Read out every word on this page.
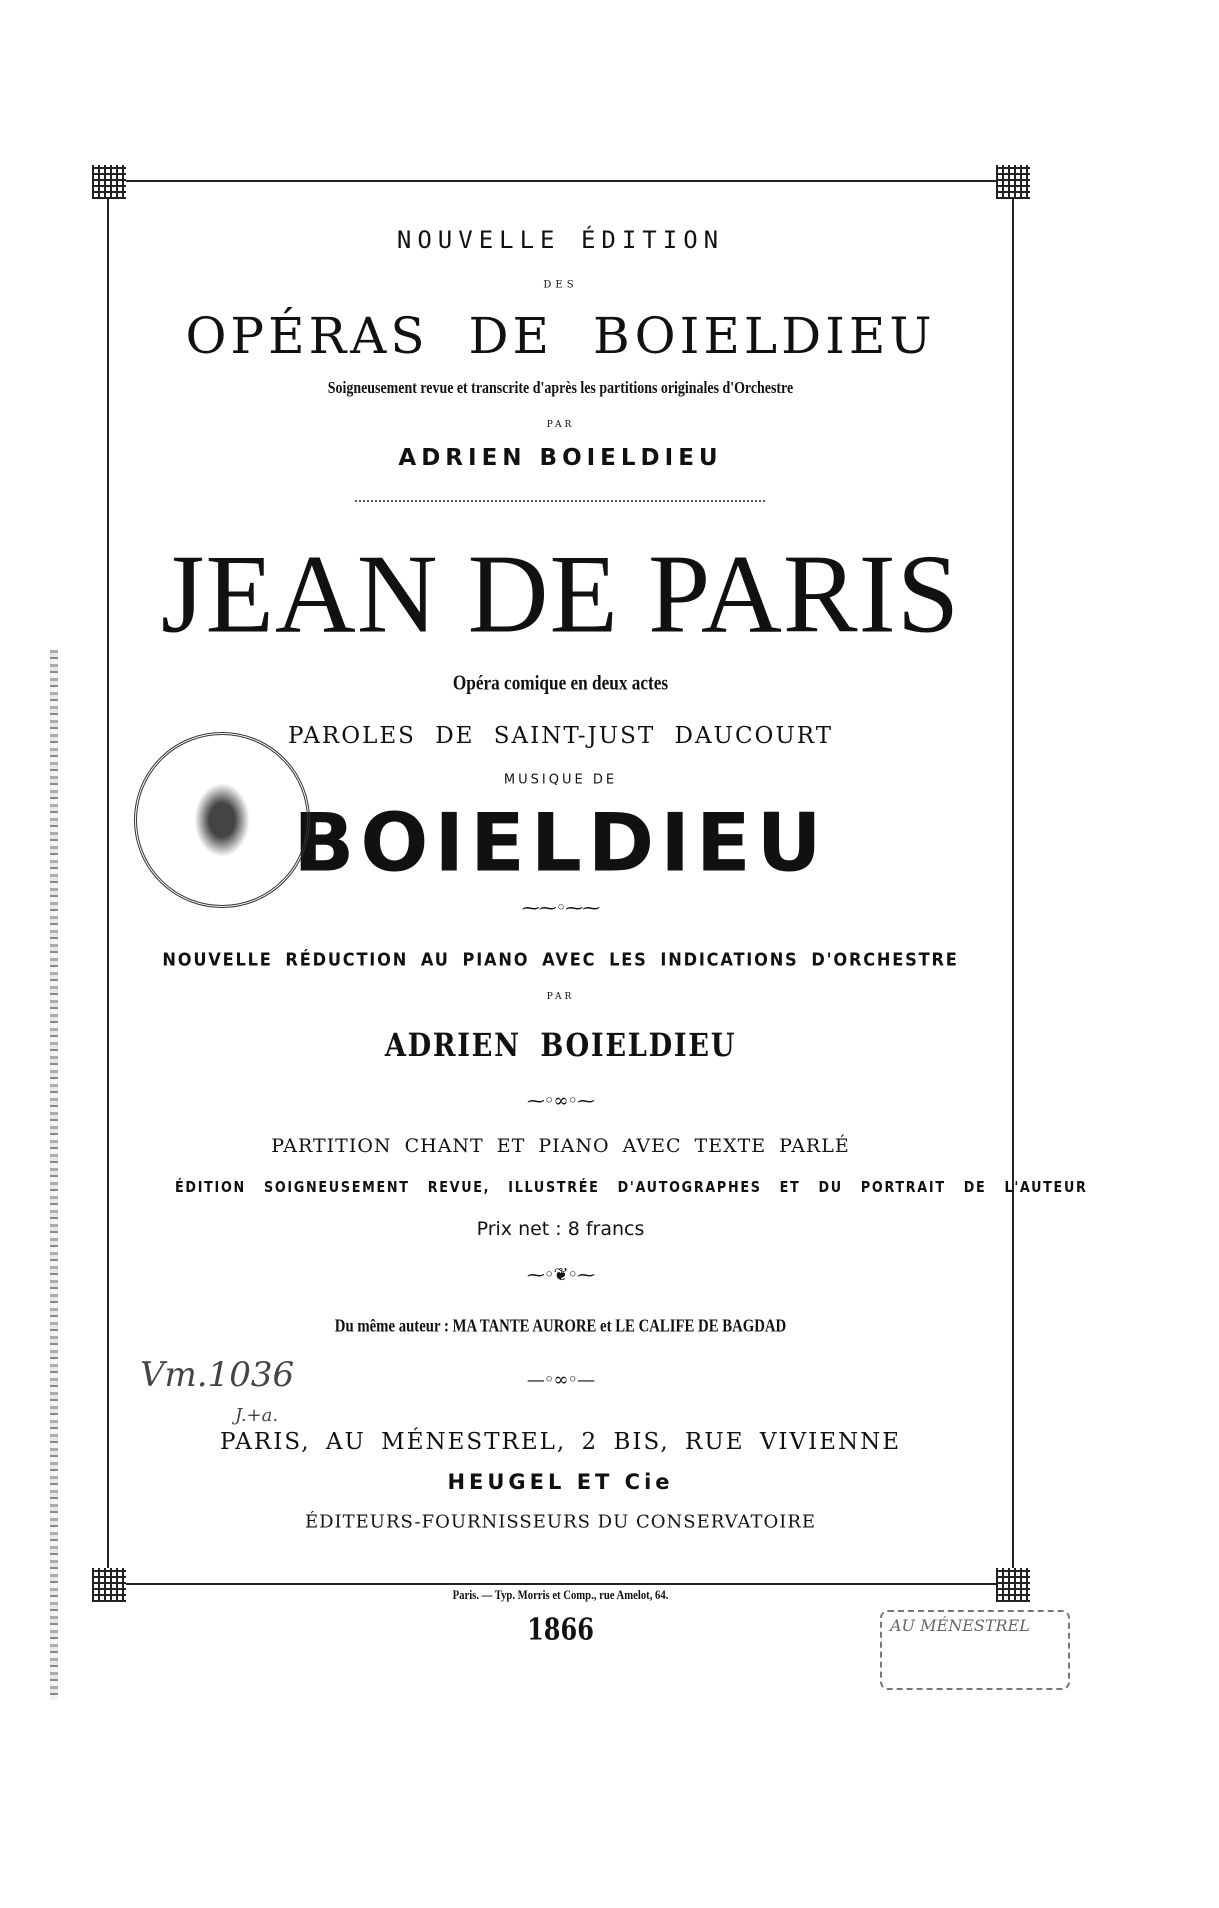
NOUVELLE ÉDITION
DES
OPÉRAS DE BOIELDIEU
Soigneusement revue et transcrite d'après les partitions originales d'Orchestre
PAR
ADRIEN BOIELDIEU
JEAN DE PARIS
Opéra comique en deux actes
PAROLES DE SAINT-JUST DAUCOURT
MUSIQUE DE
BOIELDIEU
⁓⁓◦⁓⁓
NOUVELLE RÉDUCTION AU PIANO AVEC LES INDICATIONS D'ORCHESTRE
PAR
ADRIEN BOIELDIEU
⁓◦∞◦⁓
PARTITION CHANT ET PIANO AVEC TEXTE PARLÉ
ÉDITION SOIGNEUSEMENT REVUE, ILLUSTRÉE D'AUTOGRAPHES ET DU PORTRAIT DE L'AUTEUR
Prix net : 8 francs
⁓◦❦◦⁓
Du même auteur : MA TANTE AURORE et LE CALIFE DE BAGDAD
—◦∞◦—
Vm.1036
J.+a.
PARIS, AU MÉNESTREL, 2 BIS, RUE VIVIENNE
HEUGEL ET Cie
ÉDITEURS-FOURNISSEURS DU CONSERVATOIRE
Paris. — Typ. Morris et Comp., rue Amelot, 64.
1866	AU MÉNESTREL
